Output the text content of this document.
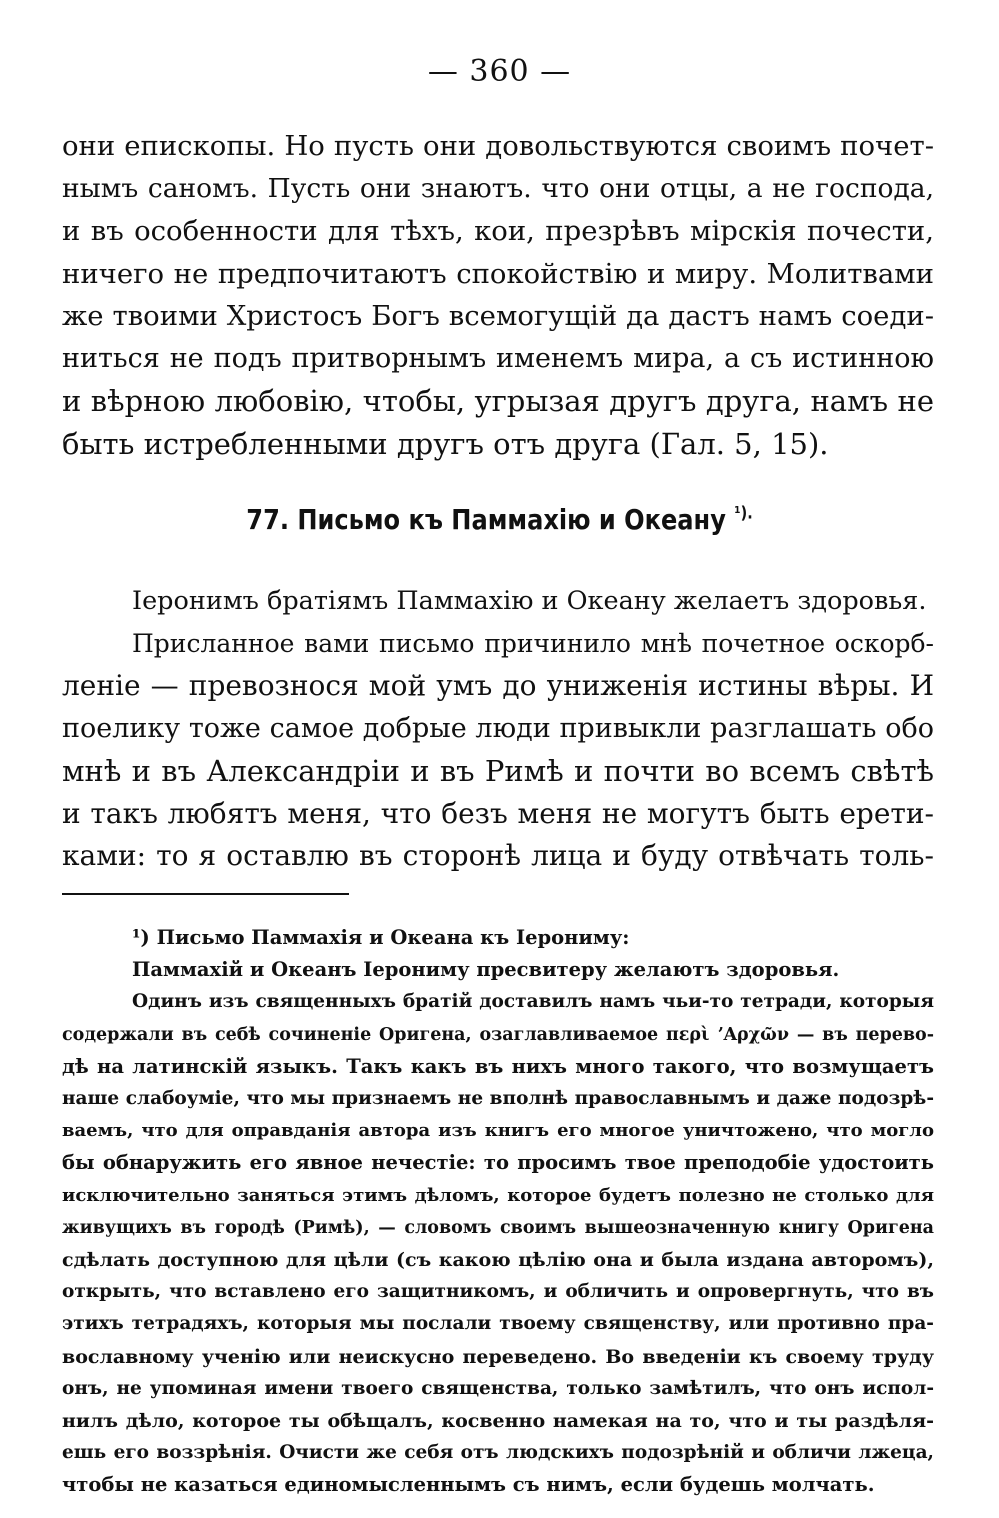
— 360 —
они епископы. Но пусть они довольствуются своимъ почет-
нымъ саномъ. Пусть они знаютъ. что они отцы, а не господа,
и въ особенности для тѣхъ, кои, презрѣвъ мірскія почести,
ничего не предпочитаютъ спокойствію и миру. Молитвами
же твоими Христосъ Богъ всемогущій да дастъ намъ соеди-
ниться не подъ притворнымъ именемъ мира, а съ истинною
и вѣрною любовію, чтобы, угрызая другъ друга, намъ не
быть истребленными другъ отъ друга (Гал. 5, 15).
77. Письмо къ Паммахію и Океану $^{^1).}$
Іеронимъ братіямъ Паммахію и Океану желаетъ здоровья.
Присланное вами письмо причинило мнѣ почетное оскорб-
леніе — превознося мой умъ до униженія истины вѣры. И
поелику тоже самое добрые люди привыкли разглашать обо
мнѣ и въ Александріи и въ Римѣ и почти во всемъ свѣтѣ
и такъ любятъ меня, что безъ меня не могутъ быть ерети-
ками: то я оставлю въ сторонѣ лица и буду отвѣчать толь-
¹) Письмо Паммахія и Океана къ Іерониму:
Паммахій и Океанъ Іерониму пресвитеру желаютъ здоровья.
Одинъ изъ священныхъ братій доставилъ намъ чьи-то тетради, которыя
содержали въ себѣ сочиненіе Оригена, озаглавливаемое περὶ ʼΑρχῶν — въ перево-
дѣ на латинскій языкъ. Такъ какъ въ нихъ много такого, что возмущаетъ
наше слабоуміе, что мы признаемъ не вполнѣ православнымъ и даже подозрѣ-
ваемъ, что для оправданія автора изъ книгъ его многое уничтожено, что могло
бы обнаружить его явное нечестіе: то просимъ твое преподобіе удостоить
исключительно заняться этимъ дѣломъ, которое будетъ полезно не столько для
живущихъ въ городѣ (Римѣ), — словомъ своимъ вышеозначенную книгу Оригена
сдѣлать доступною для цѣли (съ какою цѣлію она и была издана авторомъ),
открыть, что вставлено его защитникомъ, и обличить и опровергнуть, что въ
этихъ тетрадяхъ, которыя мы послали твоему священству, или противно пра-
вославному ученію или неискусно переведено. Во введеніи къ своему труду
онъ, не упоминая имени твоего священства, только замѣтилъ, что онъ испол-
нилъ дѣло, которое ты обѣщалъ, косвенно намекая на то, что и ты раздѣля-
ешь его воззрѣнія. Очисти же себя отъ людскихъ подозрѣній и обличи лжеца,
чтобы не казаться единомысленнымъ съ нимъ, если будешь молчать.
